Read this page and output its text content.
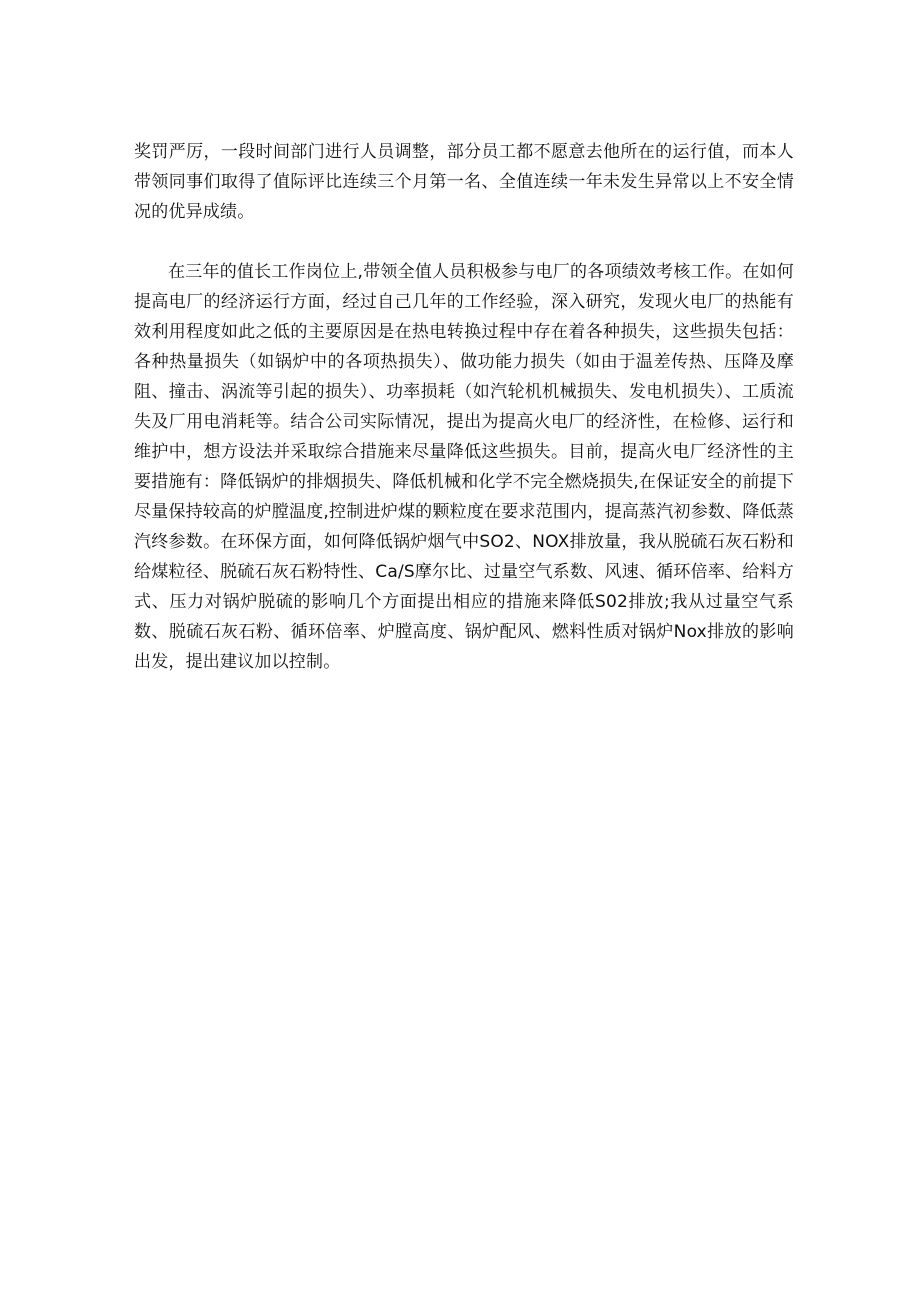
奖罚严厉，一段时间部门进行人员调整，部分员工都不愿意去他所在的运行值，而本人带领同事们取得了值际评比连续三个月第一名、全值连续一年未发生异常以上不安全情况的优异成绩。

在三年的值长工作岗位上,带领全值人员积极参与电厂的各项绩效考核工作。在如何提高电厂的经济运行方面，经过自己几年的工作经验，深入研究，发现火电厂的热能有效利用程度如此之低的主要原因是在热电转换过程中存在着各种损失，这些损失包括：各种热量损失（如锅炉中的各项热损失）、做功能力损失（如由于温差传热、压降及摩阻、撞击、涡流等引起的损失）、功率损耗（如汽轮机机械损失、发电机损失）、工质流失及厂用电消耗等。结合公司实际情况，提出为提高火电厂的经济性，在检修、运行和维护中，想方设法并采取综合措施来尽量降低这些损失。目前，提高火电厂经济性的主要措施有：降低锅炉的排烟损失、降低机械和化学不完全燃烧损失,在保证安全的前提下尽量保持较高的炉膛温度,控制进炉煤的颗粒度在要求范围内，提高蒸汽初参数、降低蒸汽终参数。在环保方面，如何降低锅炉烟气中SO2、NOX排放量，我从脱硫石灰石粉和给煤粒径、脱硫石灰石粉特性、Ca/S摩尔比、过量空气系数、风速、循环倍率、给料方式、压力对锅炉脱硫的影响几个方面提出相应的措施来降低S02排放;我从过量空气系数、脱硫石灰石粉、循环倍率、炉膛高度、锅炉配风、燃料性质对锅炉Nox排放的影响出发，提出建议加以控制。
